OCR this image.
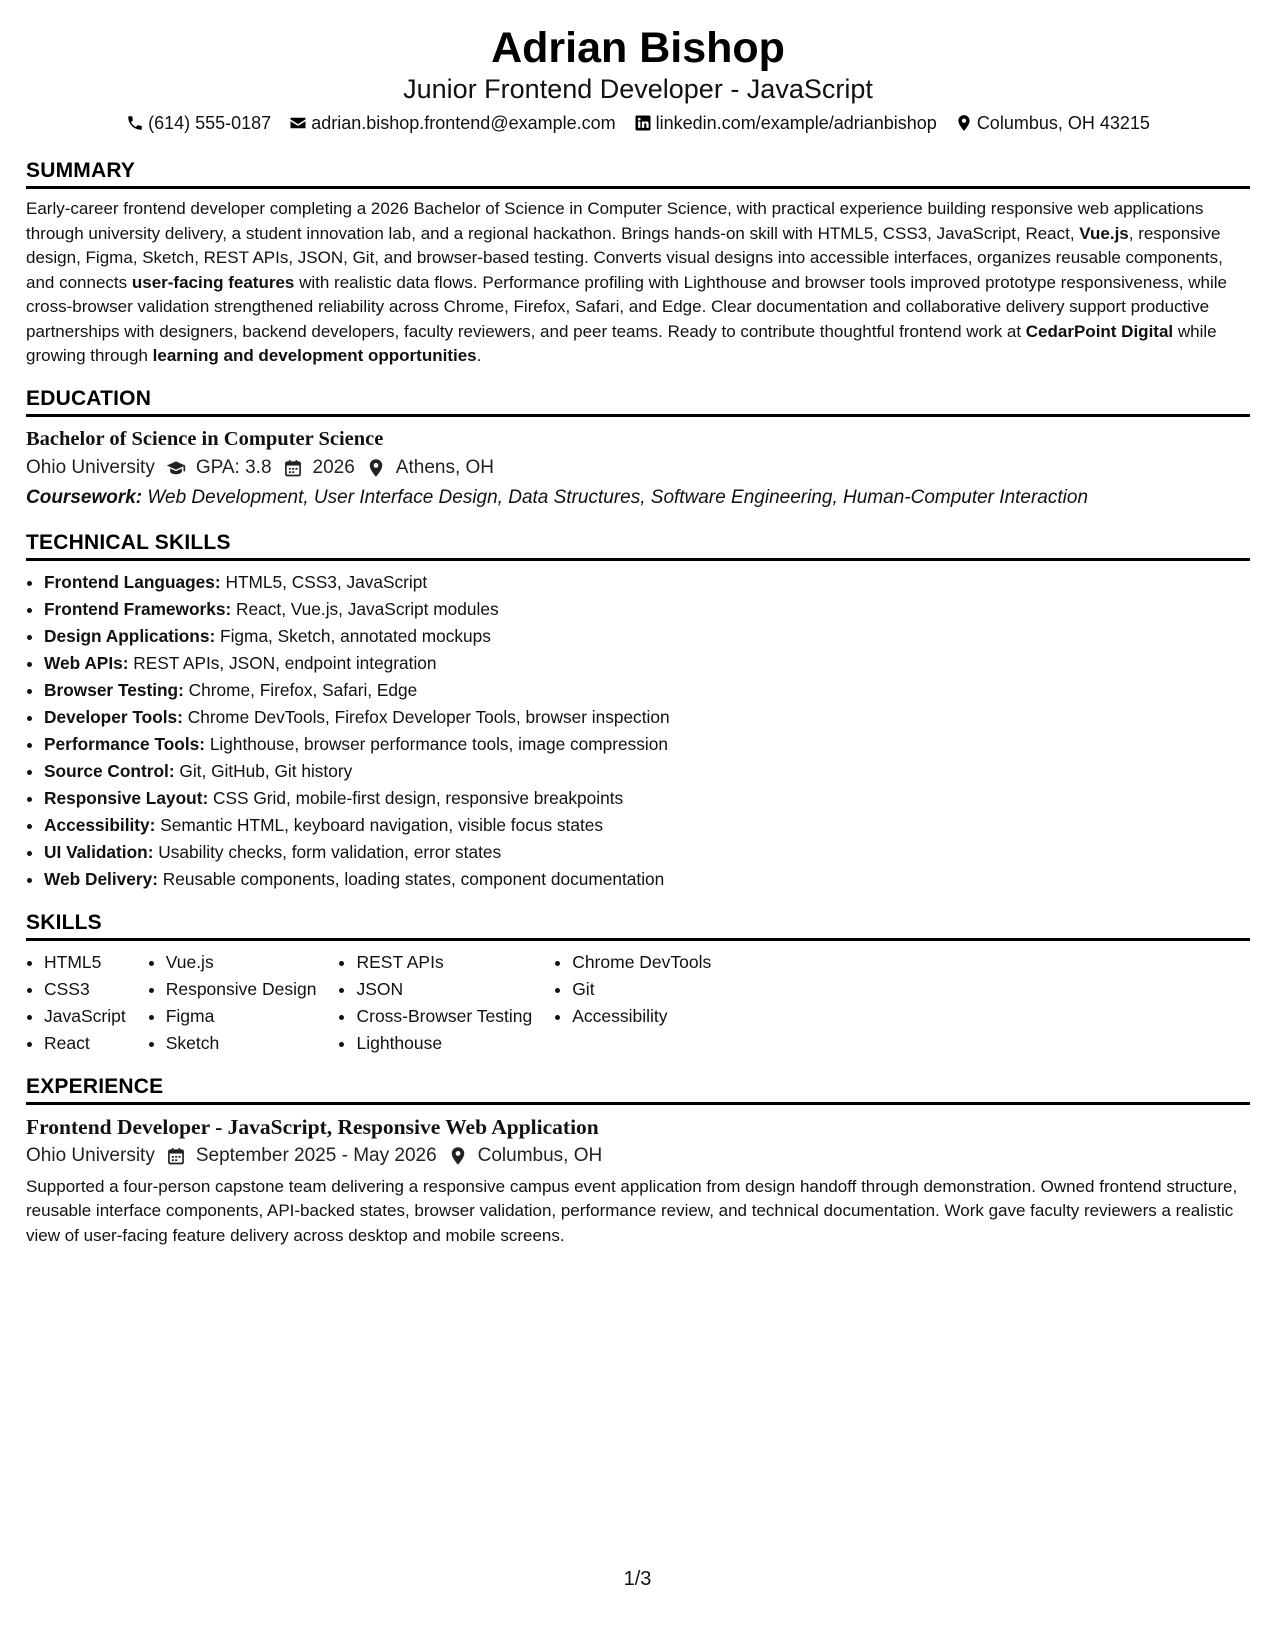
Adrian Bishop
Junior Frontend Developer - JavaScript
(614) 555-0187 adrian.bishop.frontend@example.com linkedin.com/example/adrianbishop Columbus, OH 43215
SUMMARY

Early-career frontend developer completing a 2026 Bachelor of Science in Computer Science, with practical experience building responsive web applications through university delivery, a student innovation lab, and a regional hackathon. Brings hands-on skill with HTML5, CSS3, JavaScript, React, Vue.js, responsive design, Figma, Sketch, REST APIs, JSON, Git, and browser-based testing. Converts visual designs into accessible interfaces, organizes reusable components, and connects user-facing features with realistic data flows. Performance profiling with Lighthouse and browser tools improved prototype responsiveness, while cross-browser validation strengthened reliability across Chrome, Firefox, Safari, and Edge. Clear documentation and collaborative delivery support productive partnerships with designers, backend developers, faculty reviewers, and peer teams. Ready to contribute thoughtful frontend work at CedarPoint Digital while growing through learning and development opportunities.

EDUCATION
Bachelor of Science in Computer Science
Ohio University GPA: 3.8 2026 Athens, OH
Coursework: Web Development, User Interface Design, Data Structures, Software Engineering, Human-Computer Interaction
TECHNICAL SKILLS
• Frontend Languages: HTML5, CSS3, JavaScript
• Frontend Frameworks: React, Vue.js, JavaScript modules
• Design Applications: Figma, Sketch, annotated mockups
• Web APIs: REST APIs, JSON, endpoint integration
• Browser Testing: Chrome, Firefox, Safari, Edge
• Developer Tools: Chrome DevTools, Firefox Developer Tools, browser inspection
• Performance Tools: Lighthouse, browser performance tools, image compression
• Source Control: Git, GitHub, Git history
• Responsive Layout: CSS Grid, mobile-first design, responsive breakpoints
• Accessibility: Semantic HTML, keyboard navigation, visible focus states
• UI Validation: Usability checks, form validation, error states
• Web Delivery: Reusable components, loading states, component documentation
SKILLS
• HTML5
• CSS3
• JavaScript
• React
• Vue.js
• Responsive Design
• Figma
• Sketch
• REST APIs
• JSON
• Cross-Browser Testing
• Lighthouse
• Chrome DevTools
• Git
• Accessibility
EXPERIENCE
Frontend Developer - JavaScript, Responsive Web Application
Ohio University September 2025 - May 2026 Columbus, OH
Supported a four-person capstone team delivering a responsive campus event application from design handoff through demonstration. Owned frontend structure, reusable interface components, API-backed states, browser validation, performance review, and technical documentation. Work gave faculty reviewers a realistic view of user-facing feature delivery across desktop and mobile screens.
1/3
